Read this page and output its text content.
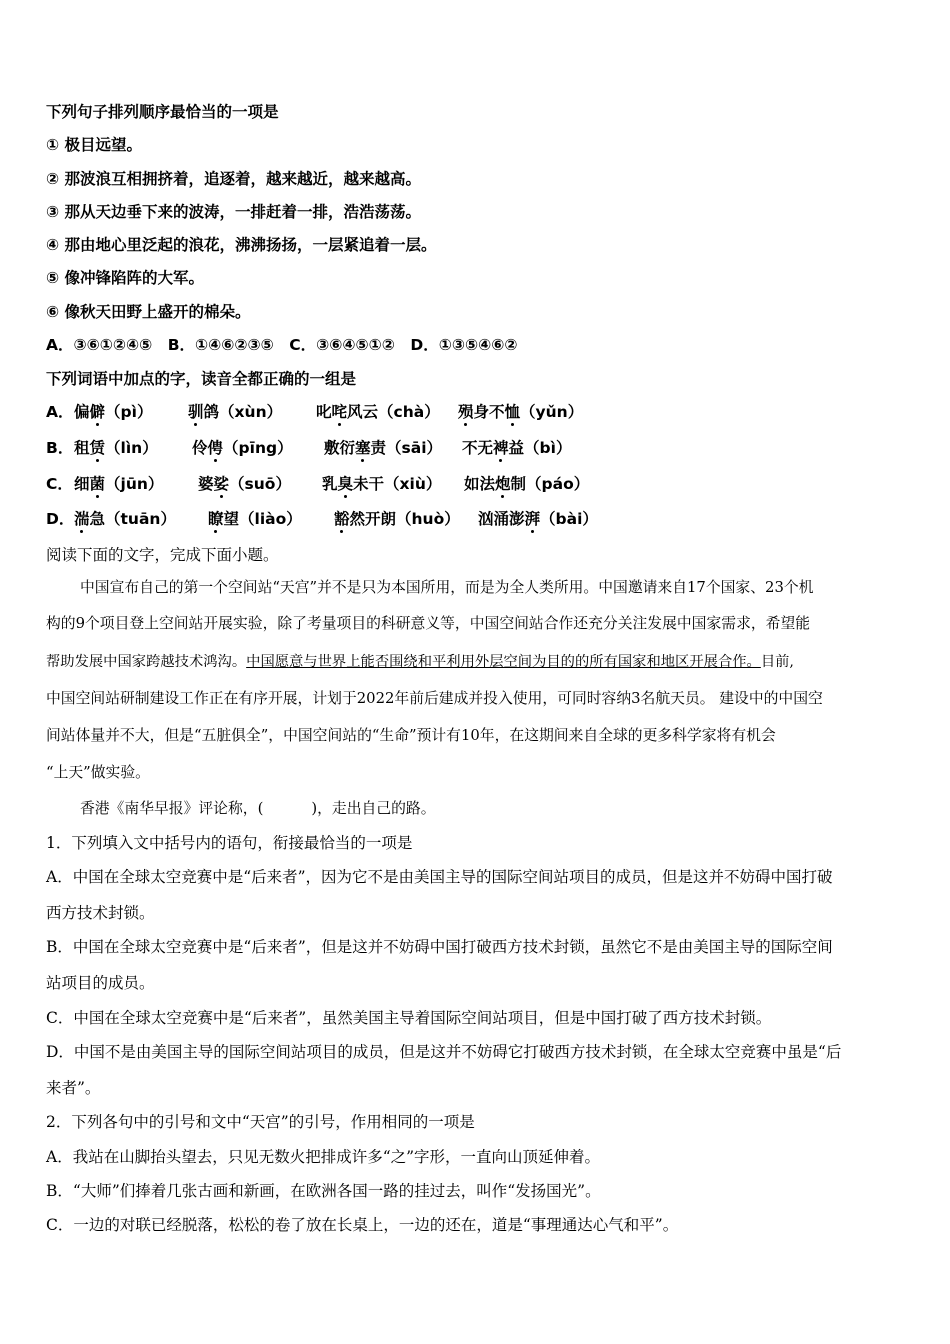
下列句子排列顺序最恰当的一项是
① 极目远望。
② 那波浪互相拥挤着，追逐着，越来越近，越来越高。
③ 那从天边垂下来的波涛，一排赶着一排，浩浩荡荡。
④ 那由地心里泛起的浪花，沸沸扬扬，一层紧追着一层。
⑤ 像冲锋陷阵的大军。
⑥ 像秋天田野上盛开的棉朵。
A．③⑥①②④⑤　B．①④⑥②③⑤　C．③⑥④⑤①②　D．①③⑤④⑥②
下列词语中加点的字，读音全都正确的一组是
A． 偏僻（pì） 驯鸽（xùn） 叱咤风云（chà） 殒身不恤（yǔn）
B． 租赁（lìn） 伶俜（pīng） 敷衍塞责（sāi） 不无裨益（bì）
C． 细菌（jūn） 婆娑（suō） 乳臭未干（xiù） 如法炮制（páo）
D． 湍急（tuān） 瞭望（liào） 豁然开朗（huò） 汹涌澎湃（bài）
阅读下面的文字，完成下面小题。
中国宣布自己的第一个空间站“天宫”并不是只为本国所用，而是为全人类所用。中国邀请来自17个国家、23个机
构的9个项目登上空间站开展实验，除了考量项目的科研意义等，中国空间站合作还充分关注发展中国家需求，希望能
帮助发展中国家跨越技术鸿沟。中国愿意与世界上能否围绕和平利用外层空间为目的的所有国家和地区开展合作。目前,
中国空间站研制建设工作正在有序开展，计划于2022年前后建成并投入使用，可同时容纳3名航天员。 建设中的中国空
间站体量并不大，但是“五脏俱全”，中国空间站的“生命”预计有10年，在这期间来自全球的更多科学家将有机会
“上天”做实验。
香港《南华早报》评论称，(	)，走出自己的路。
1．下列填入文中括号内的语句，衔接最恰当的一项是
A．中国在全球太空竞赛中是“后来者”，因为它不是由美国主导的国际空间站项目的成员，但是这并不妨碍中国打破
西方技术封锁。
B．中国在全球太空竞赛中是“后来者”，但是这并不妨碍中国打破西方技术封锁，虽然它不是由美国主导的国际空间
站项目的成员。
C．中国在全球太空竞赛中是“后来者”，虽然美国主导着国际空间站项目，但是中国打破了西方技术封锁。
D．中国不是由美国主导的国际空间站项目的成员，但是这并不妨碍它打破西方技术封锁，在全球太空竞赛中虽是“后
来者”。
2．下列各句中的引号和文中“天宫”的引号，作用相同的一项是
A．我站在山脚抬头望去，只见无数火把排成许多“之”字形，一直向山顶延伸着。
B．“大师”们捧着几张古画和新画，在欧洲各国一路的挂过去，叫作“发扬国光”。
C．一边的对联已经脱落，松松的卷了放在长桌上，一边的还在，道是“事理通达心气和平”。
